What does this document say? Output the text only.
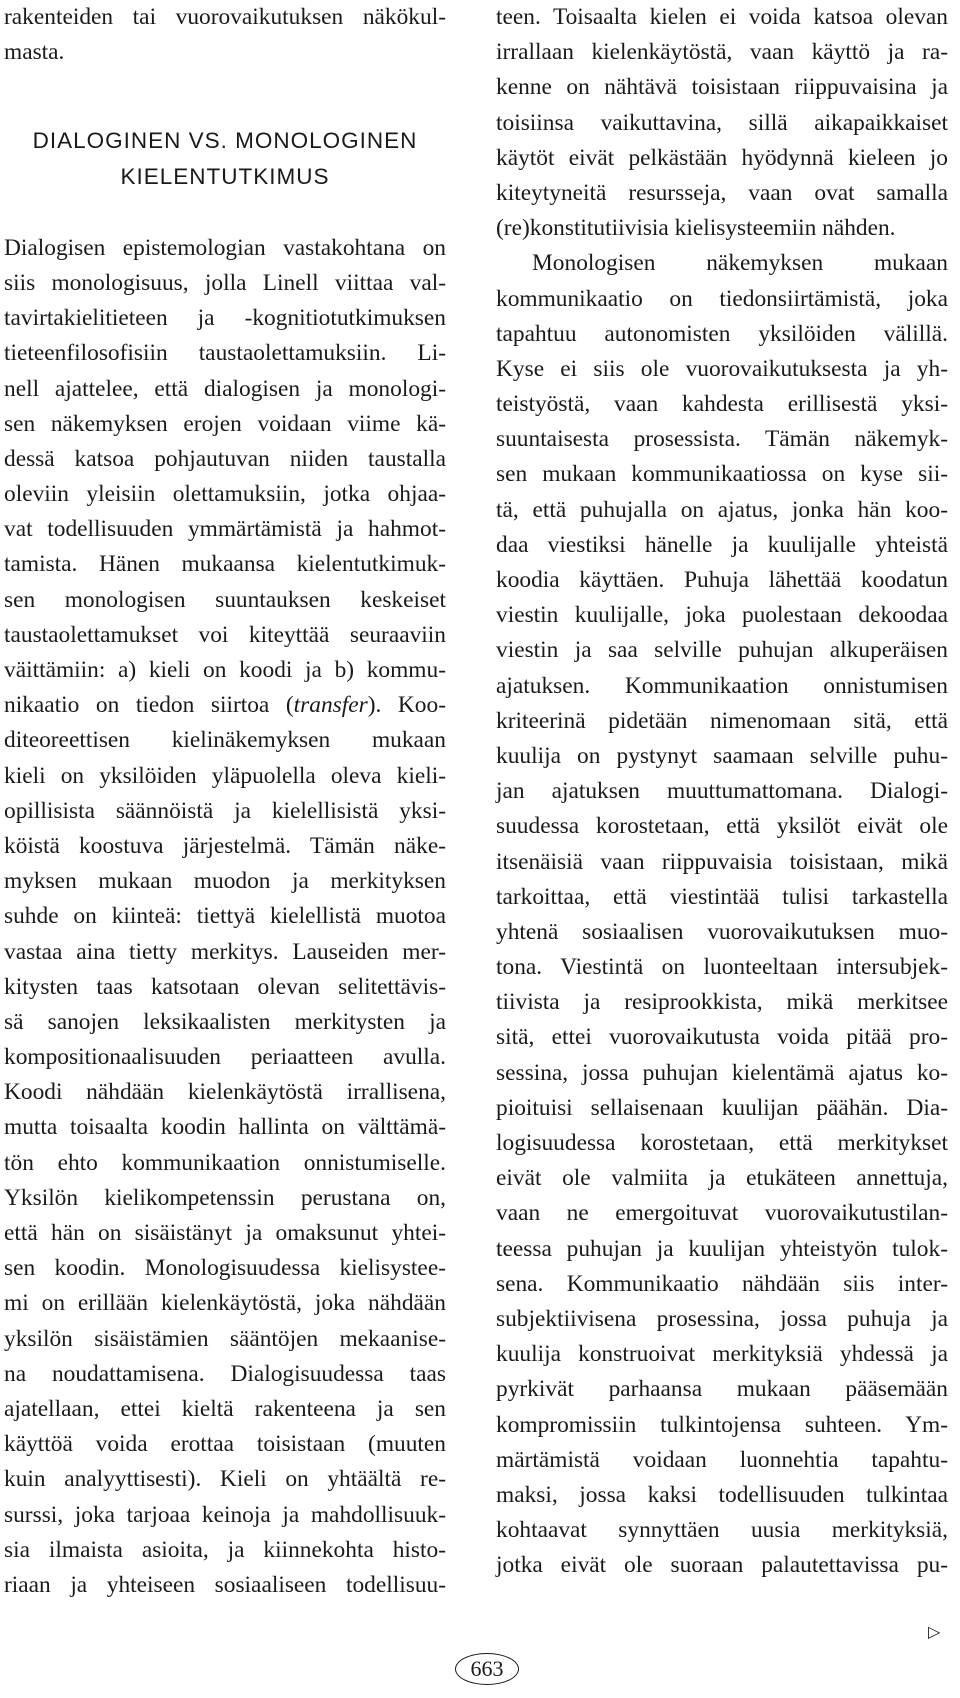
rakenteiden tai vuorovaikutuksen näkökul-
masta.
DIALOGINEN VS. MONOLOGINEN
KIELENTUTKIMUS
Dialogisen epistemologian vastakohtana on
siis monologisuus, jolla Linell viittaa val-
tavirtakielitieteen ja -kognitiotutkimuksen
tieteenfilosofisiin taustaolettamuksiin. Li-
nell ajattelee, että dialogisen ja monologi-
sen näkemyksen erojen voidaan viime kä-
dessä katsoa pohjautuvan niiden taustalla
oleviin yleisiin olettamuksiin, jotka ohjaa-
vat todellisuuden ymmärtämistä ja hahmot-
tamista. Hänen mukaansa kielentutkimuk-
sen monologisen suuntauksen keskeiset
taustaolettamukset voi kiteyttää seuraaviin
väittämiin: a) kieli on koodi ja b) kommu-
nikaatio on tiedon siirtoa (transfer). Koo-
diteoreettisen kielinäkemyksen mukaan
kieli on yksilöiden yläpuolella oleva kieli-
opillisista säännöistä ja kielellisistä yksi-
köistä koostuva järjestelmä. Tämän näke-
myksen mukaan muodon ja merkityksen
suhde on kiinteä: tiettyä kielellistä muotoa
vastaa aina tietty merkitys. Lauseiden mer-
kitysten taas katsotaan olevan selitettävis-
sä sanojen leksikaalisten merkitysten ja
kompositionaalisuuden periaatteen avulla.
Koodi nähdään kielenkäytöstä irrallisena,
mutta toisaalta koodin hallinta on välttämä-
tön ehto kommunikaation onnistumiselle.
Yksilön kielikompetenssin perustana on,
että hän on sisäistänyt ja omaksunut yhtei-
sen koodin. Monologisuudessa kielisystee-
mi on erillään kielenkäytöstä, joka nähdään
yksilön sisäistämien sääntöjen mekaanise-
na noudattamisena. Dialogisuudessa taas
ajatellaan, ettei kieltä rakenteena ja sen
käyttöä voida erottaa toisistaan (muuten
kuin analyyttisesti). Kieli on yhtäältä re-
surssi, joka tarjoaa keinoja ja mahdollisuuk-
sia ilmaista asioita, ja kiinnekohta histo-
riaan ja yhteiseen sosiaaliseen todellisuu-
teen. Toisaalta kielen ei voida katsoa olevan
irrallaan kielenkäytöstä, vaan käyttö ja ra-
kenne on nähtävä toisistaan riippuvaisina ja
toisiinsa vaikuttavina, sillä aikapaikkaiset
käytöt eivät pelkästään hyödynnä kieleen jo
kiteytyneitä resursseja, vaan ovat samalla
(re)konstitutiivisia kielisysteemiin nähden.
Monologisen näkemyksen mukaan
kommunikaatio on tiedonsiirtämistä, joka
tapahtuu autonomisten yksilöiden välillä.
Kyse ei siis ole vuorovaikutuksesta ja yh-
teistyöstä, vaan kahdesta erillisestä yksi-
suuntaisesta prosessista. Tämän näkemyk-
sen mukaan kommunikaatiossa on kyse sii-
tä, että puhujalla on ajatus, jonka hän koo-
daa viestiksi hänelle ja kuulijalle yhteistä
koodia käyttäen. Puhuja lähettää koodatun
viestin kuulijalle, joka puolestaan dekoodaa
viestin ja saa selville puhujan alkuperäisen
ajatuksen. Kommunikaation onnistumisen
kriteerinä pidetään nimenomaan sitä, että
kuulija on pystynyt saamaan selville puhu-
jan ajatuksen muuttumattomana. Dialogi-
suudessa korostetaan, että yksilöt eivät ole
itsenäisiä vaan riippuvaisia toisistaan, mikä
tarkoittaa, että viestintää tulisi tarkastella
yhtenä sosiaalisen vuorovaikutuksen muo-
tona. Viestintä on luonteeltaan intersubjek-
tiivista ja resiprookkista, mikä merkitsee
sitä, ettei vuorovaikutusta voida pitää pro-
sessina, jossa puhujan kielentämä ajatus ko-
pioituisi sellaisenaan kuulijan päähän. Dia-
logisuudessa korostetaan, että merkitykset
eivät ole valmiita ja etukäteen annettuja,
vaan ne emergoituvat vuorovaikutustilan-
teessa puhujan ja kuulijan yhteistyön tulok-
sena. Kommunikaatio nähdään siis inter-
subjektiivisena prosessina, jossa puhuja ja
kuulija konstruoivat merkityksiä yhdessä ja
pyrkivät parhaansa mukaan pääsemään
kompromissiin tulkintojensa suhteen. Ym-
märtämistä voidaan luonnehtia tapahtu-
maksi, jossa kaksi todellisuuden tulkintaa
kohtaavat synnyttäen uusia merkityksiä,
jotka eivät ole suoraan palautettavissa pu-
▷
663
